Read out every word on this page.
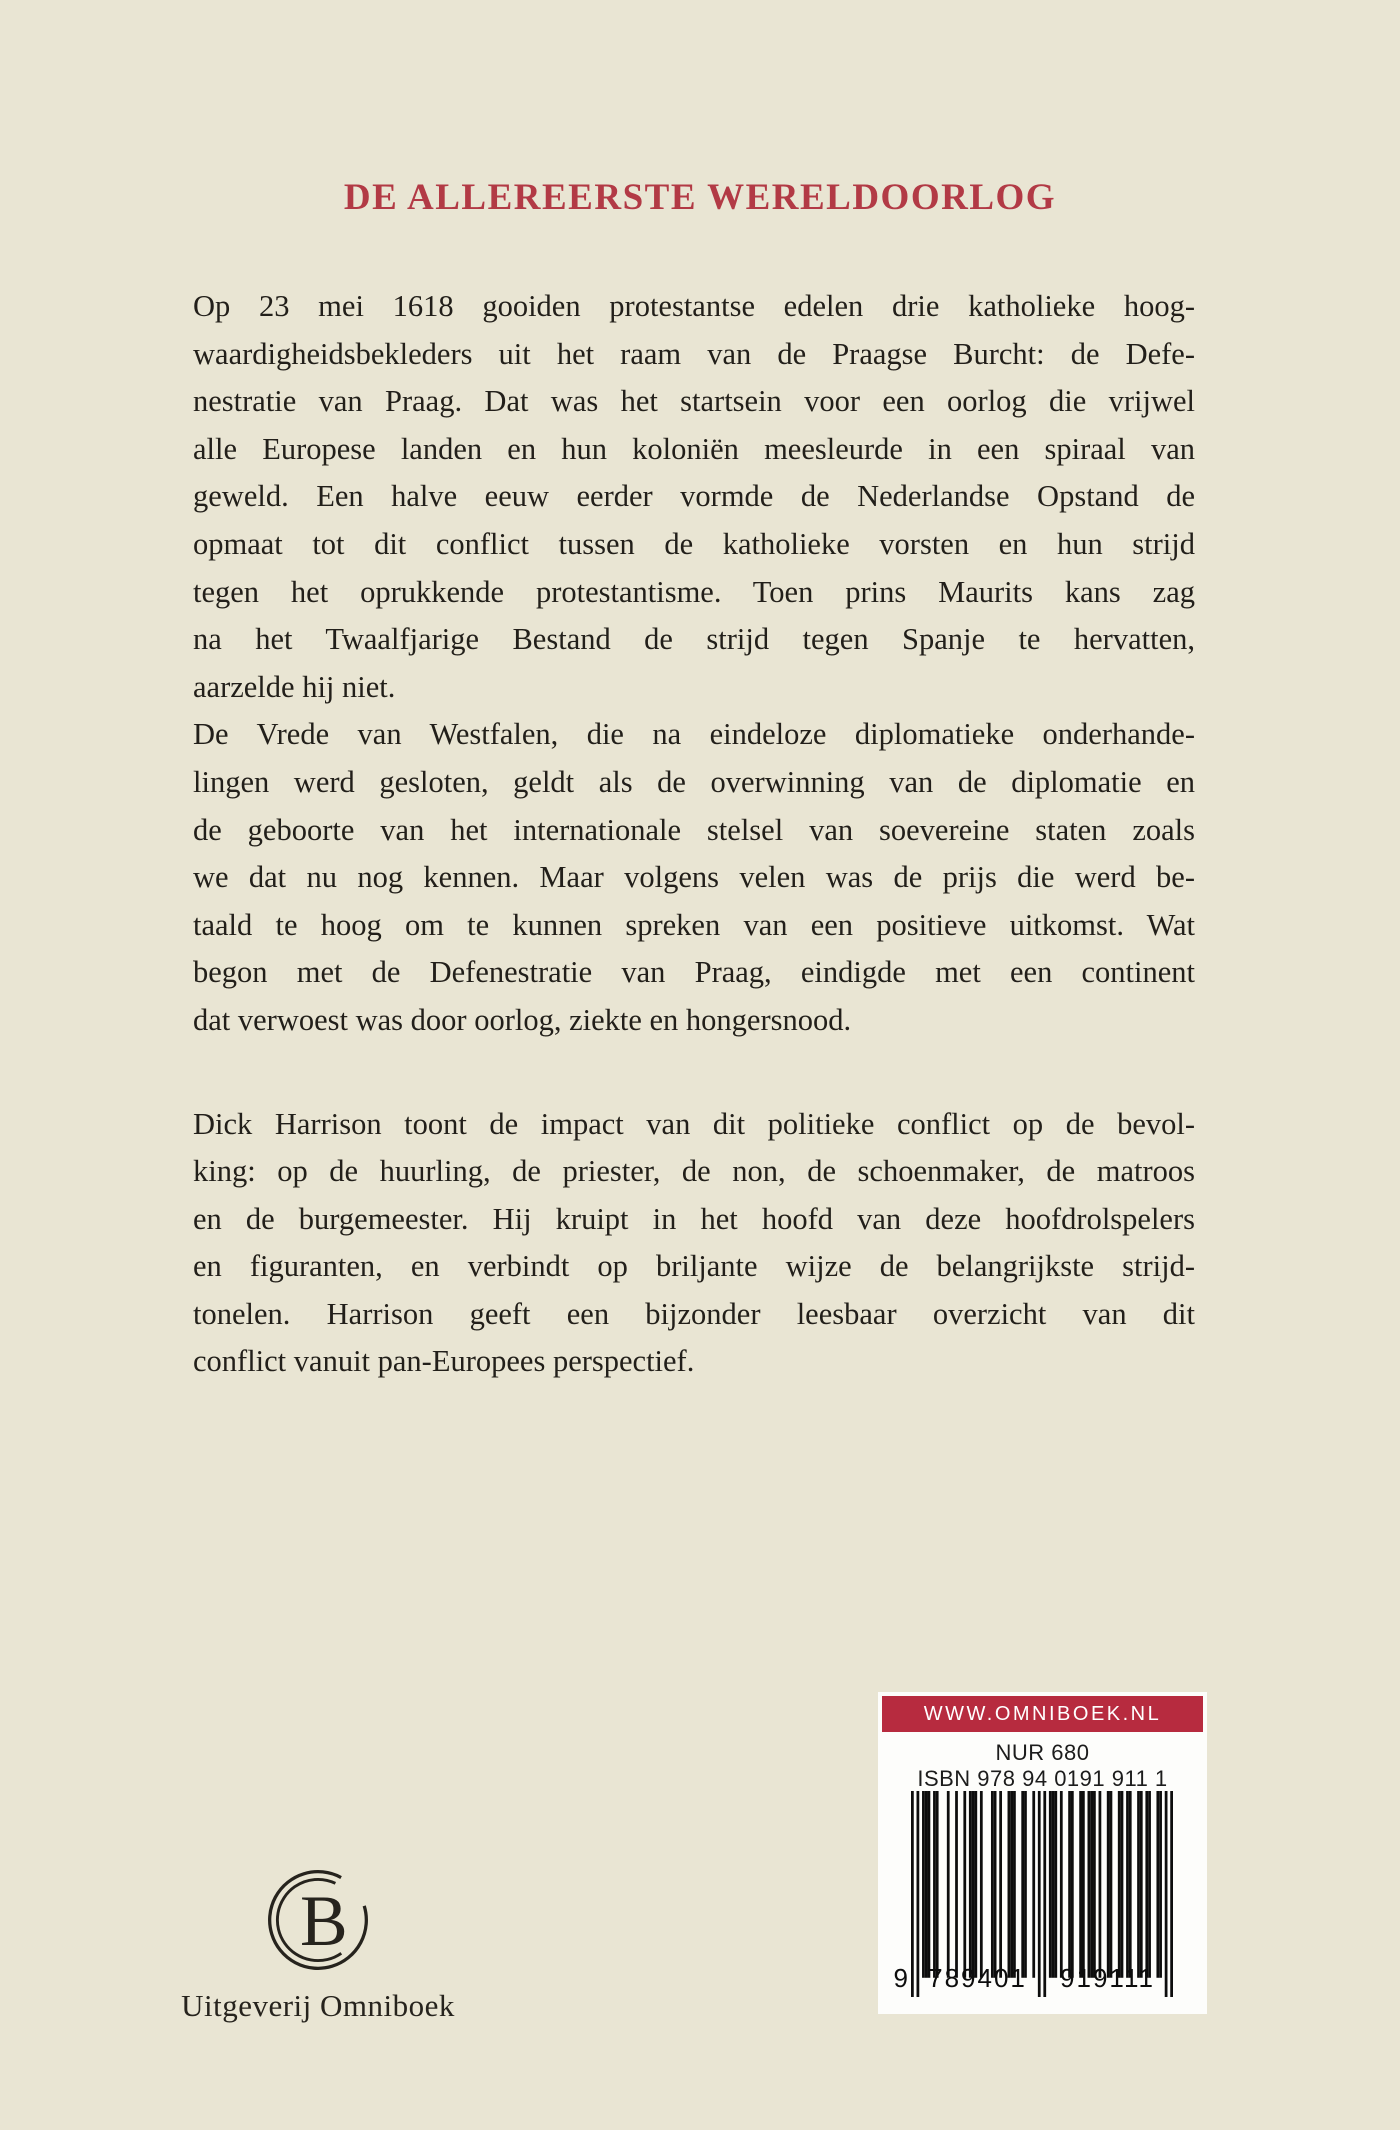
DE ALLEREERSTE WERELDOORLOG
Op 23 mei 1618 gooiden protestantse edelen drie katholieke hoog-
waardigheidsbekleders uit het raam van de Praagse Burcht: de Defe-
nestratie van Praag. Dat was het startsein voor een oorlog die vrijwel
alle Europese landen en hun koloniën meesleurde in een spiraal van
geweld. Een halve eeuw eerder vormde de Nederlandse Opstand de
opmaat tot dit conflict tussen de katholieke vorsten en hun strijd
tegen het oprukkende protestantisme. Toen prins Maurits kans zag
na het Twaalfjarige Bestand de strijd tegen Spanje te hervatten,
aarzelde hij niet.
De Vrede van Westfalen, die na eindeloze diplomatieke onderhande-
lingen werd gesloten, geldt als de overwinning van de diplomatie en
de geboorte van het internationale stelsel van soevereine staten zoals
we dat nu nog kennen. Maar volgens velen was de prijs die werd be-
taald te hoog om te kunnen spreken van een positieve uitkomst. Wat
begon met de Defenestratie van Praag, eindigde met een continent
dat verwoest was door oorlog, ziekte en hongersnood.
Dick Harrison toont de impact van dit politieke conflict op de bevol-
king: op de huurling, de priester, de non, de schoenmaker, de matroos
en de burgemeester. Hij kruipt in het hoofd van deze hoofdrolspelers
en figuranten, en verbindt op briljante wijze de belangrijkste strijd-
tonelen. Harrison geeft een bijzonder leesbaar overzicht van dit
conflict vanuit pan-Europees perspectief.
B
Uitgeverij Omniboek
WWW.OMNIBOEK.NL
NUR 680
ISBN 978 94 0191 911 1
9 789401	919111
